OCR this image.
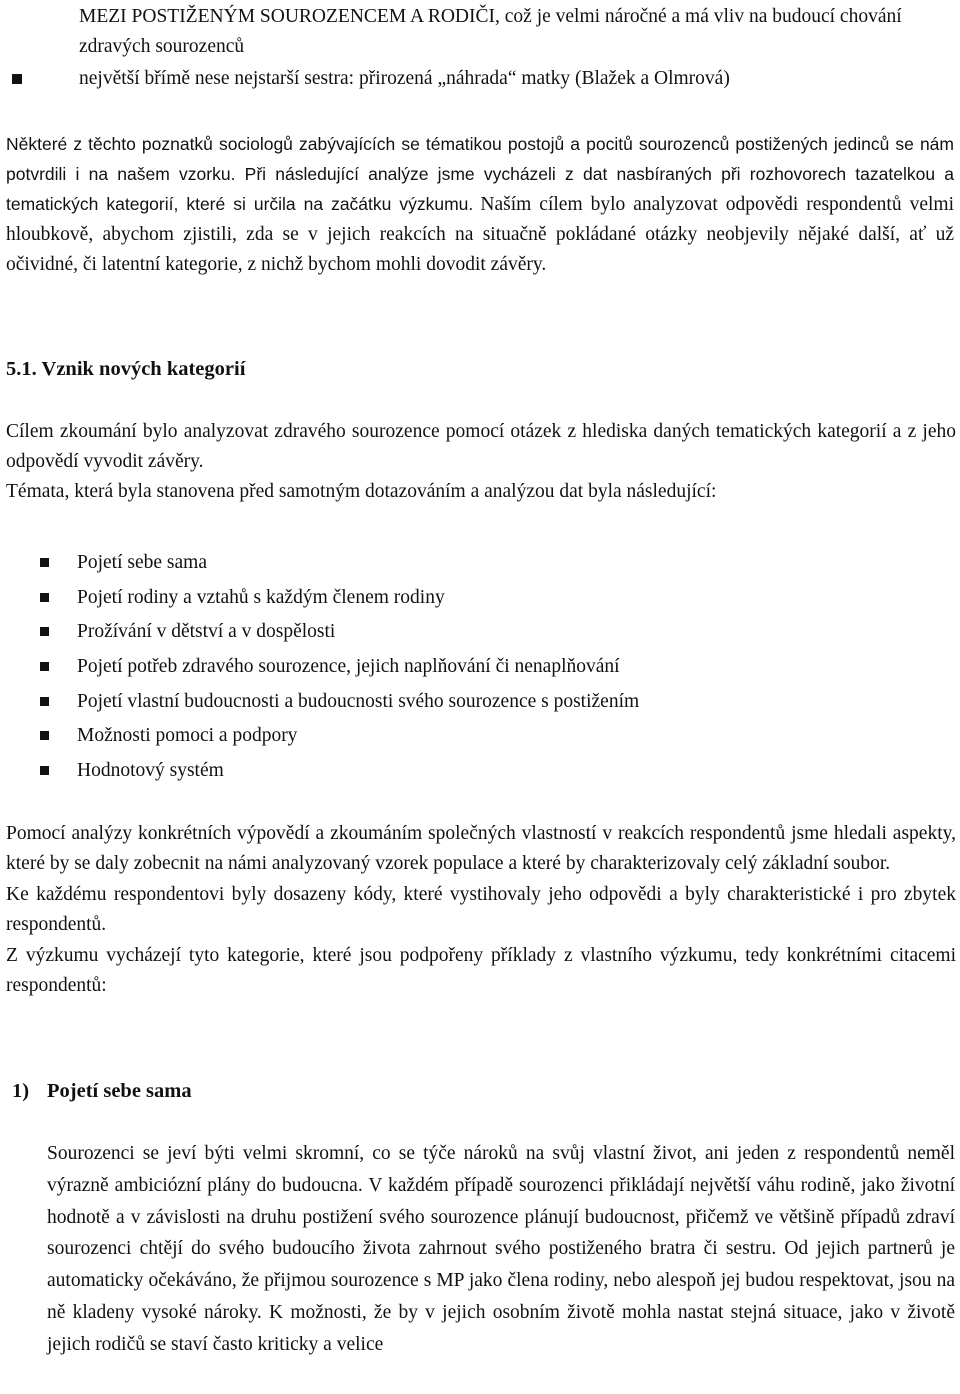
MEZI POSTIŽENÝM SOUROZENCEM A RODIČI, což je velmi náročné a má vliv na budoucí chování zdravých sourozenců

největší břímě nese nejstarší sestra: přirozená „náhrada“ matky (Blažek a Olmrová)
Některé z těchto poznatků sociologů zabývajících se tématikou postojů a pocitů sourozenců postižených jedinců se nám potvrdili i na našem vzorku. Při následující analýze jsme vycházeli z dat nasbíraných při rozhovorech tazatelkou a tematických kategorií, které si určila na začátku výzkumu. Naším cílem bylo analyzovat odpovědi respondentů velmi hloubkově, abychom zjistili, zda se v jejich reakcích na situačně pokládané otázky neobjevily nějaké další, ať už očividné, či latentní kategorie, z nichž bychom mohli dovodit závěry.
5.1. Vznik nových kategorií

Cílem zkoumání bylo analyzovat zdravého sourozence pomocí otázek z hlediska daných tematických kategorií a z jeho odpovědí vyvodit závěry.

Témata, která byla stanovena před samotným dotazováním a analýzou dat byla následující:

Pojetí sebe sama
Pojetí rodiny a vztahů s každým členem rodiny
Prožívání v dětství a v dospělosti
Pojetí potřeb zdravého sourozence, jejich naplňování či nenaplňování
Pojetí vlastní budoucnosti a budoucnosti svého sourozence s postižením
Možnosti pomoci a podpory
Hodnotový systém

Pomocí analýzy konkrétních výpovědí a zkoumáním společných vlastností v reakcích respondentů jsme hledali aspekty, které by se daly zobecnit na námi analyzovaný vzorek populace a které by charakterizovaly celý základní soubor.

Ke každému respondentovi byly dosazeny kódy, které vystihovaly jeho odpovědi a byly charakteristické i pro zbytek respondentů.

Z výzkumu vycházejí tyto kategorie, které jsou podpořeny příklady z vlastního výzkumu, tedy konkrétními citacemi respondentů:

1) Pojetí sebe sama

Sourozenci se jeví býti velmi skromní, co se týče nároků na svůj vlastní život, ani jeden z respondentů neměl výrazně ambiciózní plány do budoucna. V každém případě sourozenci přikládají největší váhu rodině, jako životní hodnotě a v závislosti na druhu postižení svého sourozence plánují budoucnost, přičemž ve většině případů zdraví sourozenci chtějí do svého budoucího života zahrnout svého postiženého bratra či sestru. Od jejich partnerů je automaticky očekáváno, že přijmou sourozence s MP jako člena rodiny, nebo alespoň jej budou respektovat, jsou na ně kladeny vysoké nároky. K možnosti, že by v jejich osobním životě mohla nastat stejná situace, jako v životě jejich rodičů se staví často kriticky a velice
